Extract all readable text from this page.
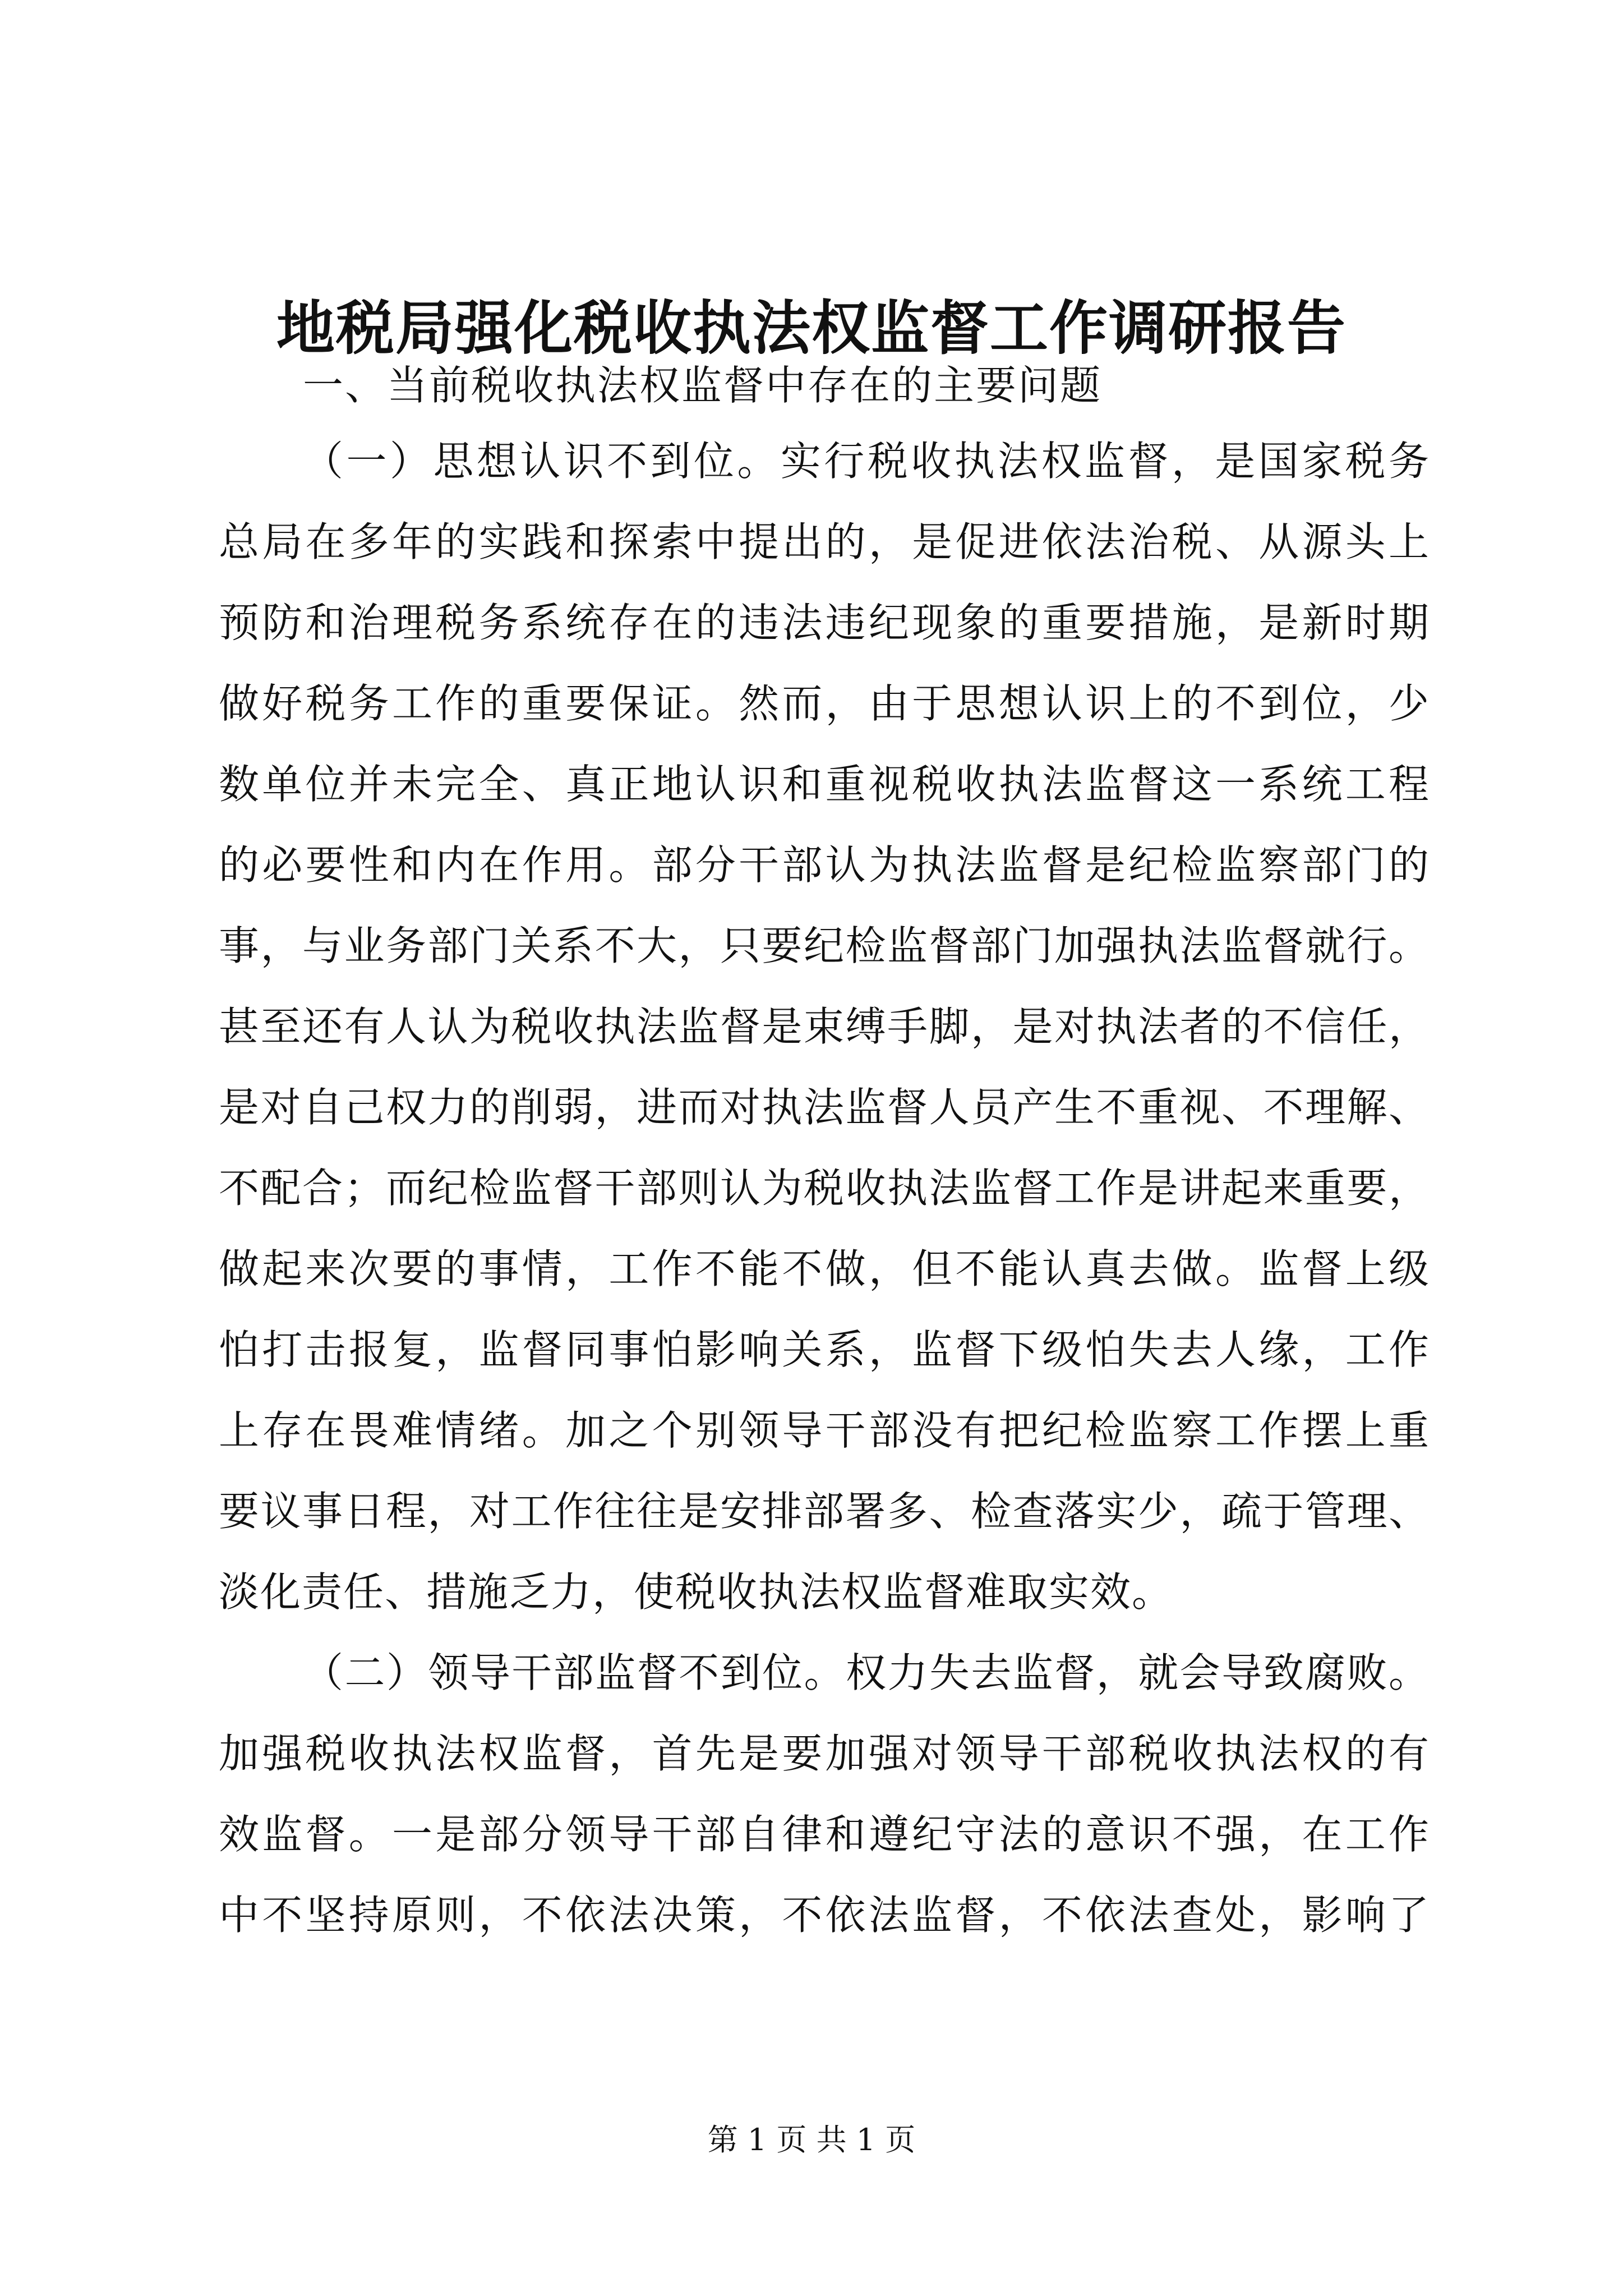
地税局强化税收执法权监督工作调研报告

一、当前税收执法权监督中存在的主要问题

（一）思想认识不到位。实行税收执法权监督，是国家税务
总局在多年的实践和探索中提出的，是促进依法治税、从源头上
预防和治理税务系统存在的违法违纪现象的重要措施，是新时期
做好税务工作的重要保证。然而，由于思想认识上的不到位，少
数单位并未完全、真正地认识和重视税收执法监督这一系统工程
的必要性和内在作用。部分干部认为执法监督是纪检监察部门的
事，与业务部门关系不大，只要纪检监督部门加强执法监督就行。
甚至还有人认为税收执法监督是束缚手脚，是对执法者的不信任，
是对自己权力的削弱，进而对执法监督人员产生不重视、不理解、
不配合；而纪检监督干部则认为税收执法监督工作是讲起来重要，
做起来次要的事情，工作不能不做，但不能认真去做。监督上级
怕打击报复，监督同事怕影响关系，监督下级怕失去人缘，工作
上存在畏难情绪。加之个别领导干部没有把纪检监察工作摆上重
要议事日程，对工作往往是安排部署多、检查落实少，疏于管理、
淡化责任、措施乏力，使税收执法权监督难取实效。

（二）领导干部监督不到位。权力失去监督，就会导致腐败。
加强税收执法权监督，首先是要加强对领导干部税收执法权的有
效监督。一是部分领导干部自律和遵纪守法的意识不强，在工作
中不坚持原则，不依法决策，不依法监督，不依法查处，影响了

第 1 页 共 1 页
